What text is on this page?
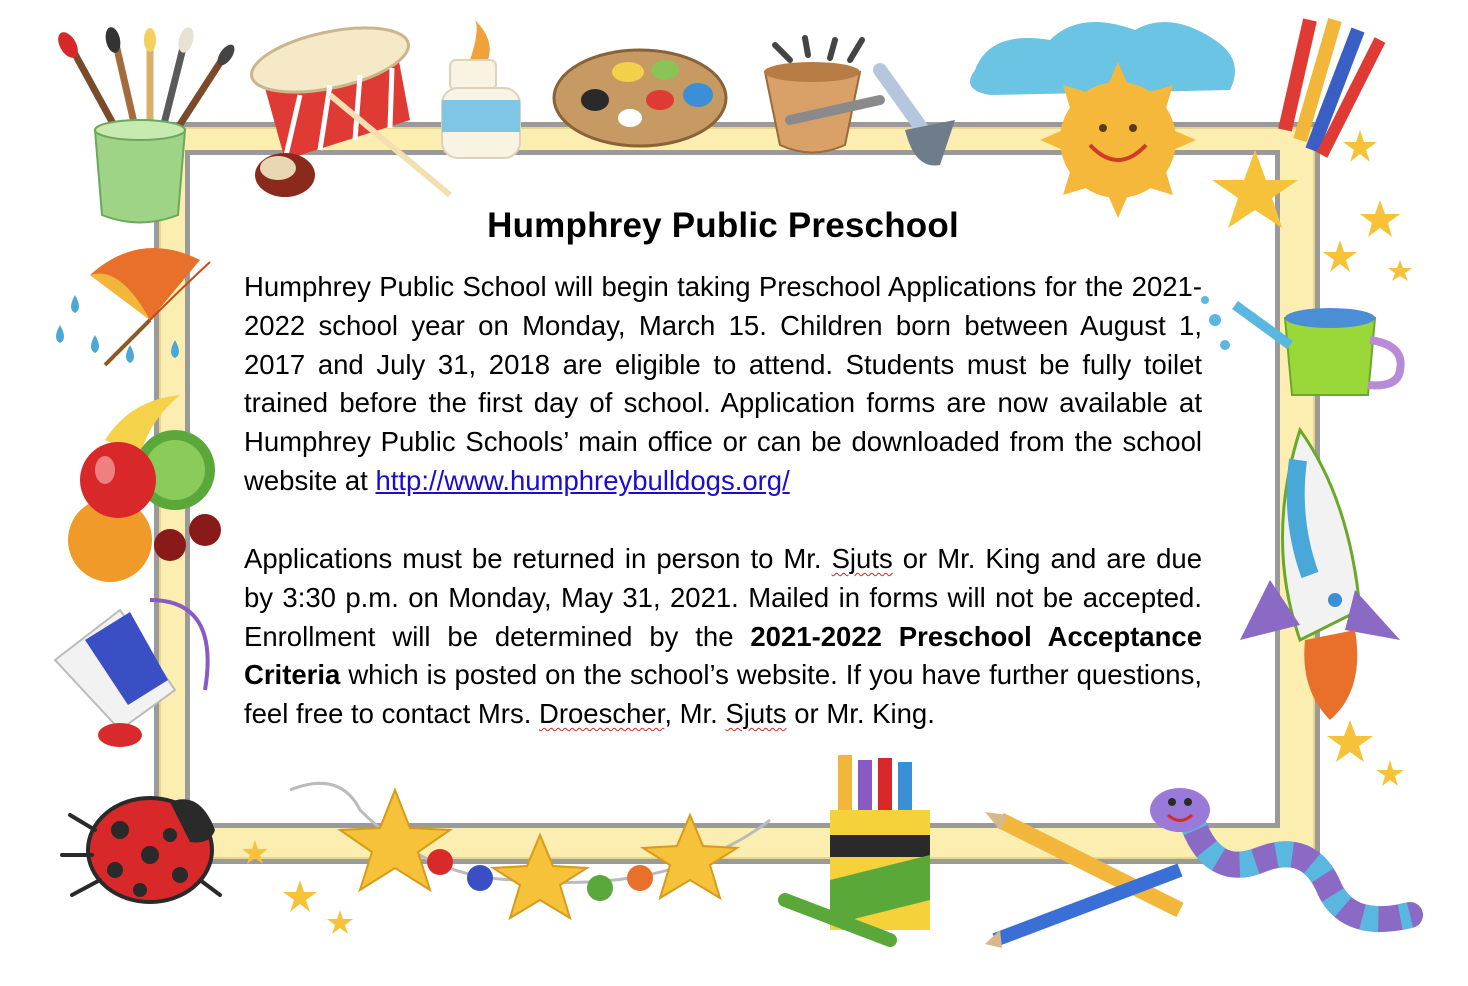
Humphrey Public Preschool

Humphrey Public School will begin taking Preschool Applications for the 2021-2022 school year on Monday, March 15. Children born between August 1, 2017 and July 31, 2018 are eligible to attend. Students must be fully toilet trained before the first day of school. Application forms are now available at Humphrey Public Schools’ main office or can be downloaded from the school website at http://www.humphreybulldogs.org/

Applications must be returned in person to Mr. Sjuts or Mr. King and are due by 3:30 p.m. on Monday, May 31, 2021. Mailed in forms will not be accepted. Enrollment will be determined by the 2021-2022 Preschool Acceptance Criteria which is posted on the school’s website. If you have further questions, feel free to contact Mrs. Droescher, Mr. Sjuts or Mr. King.
